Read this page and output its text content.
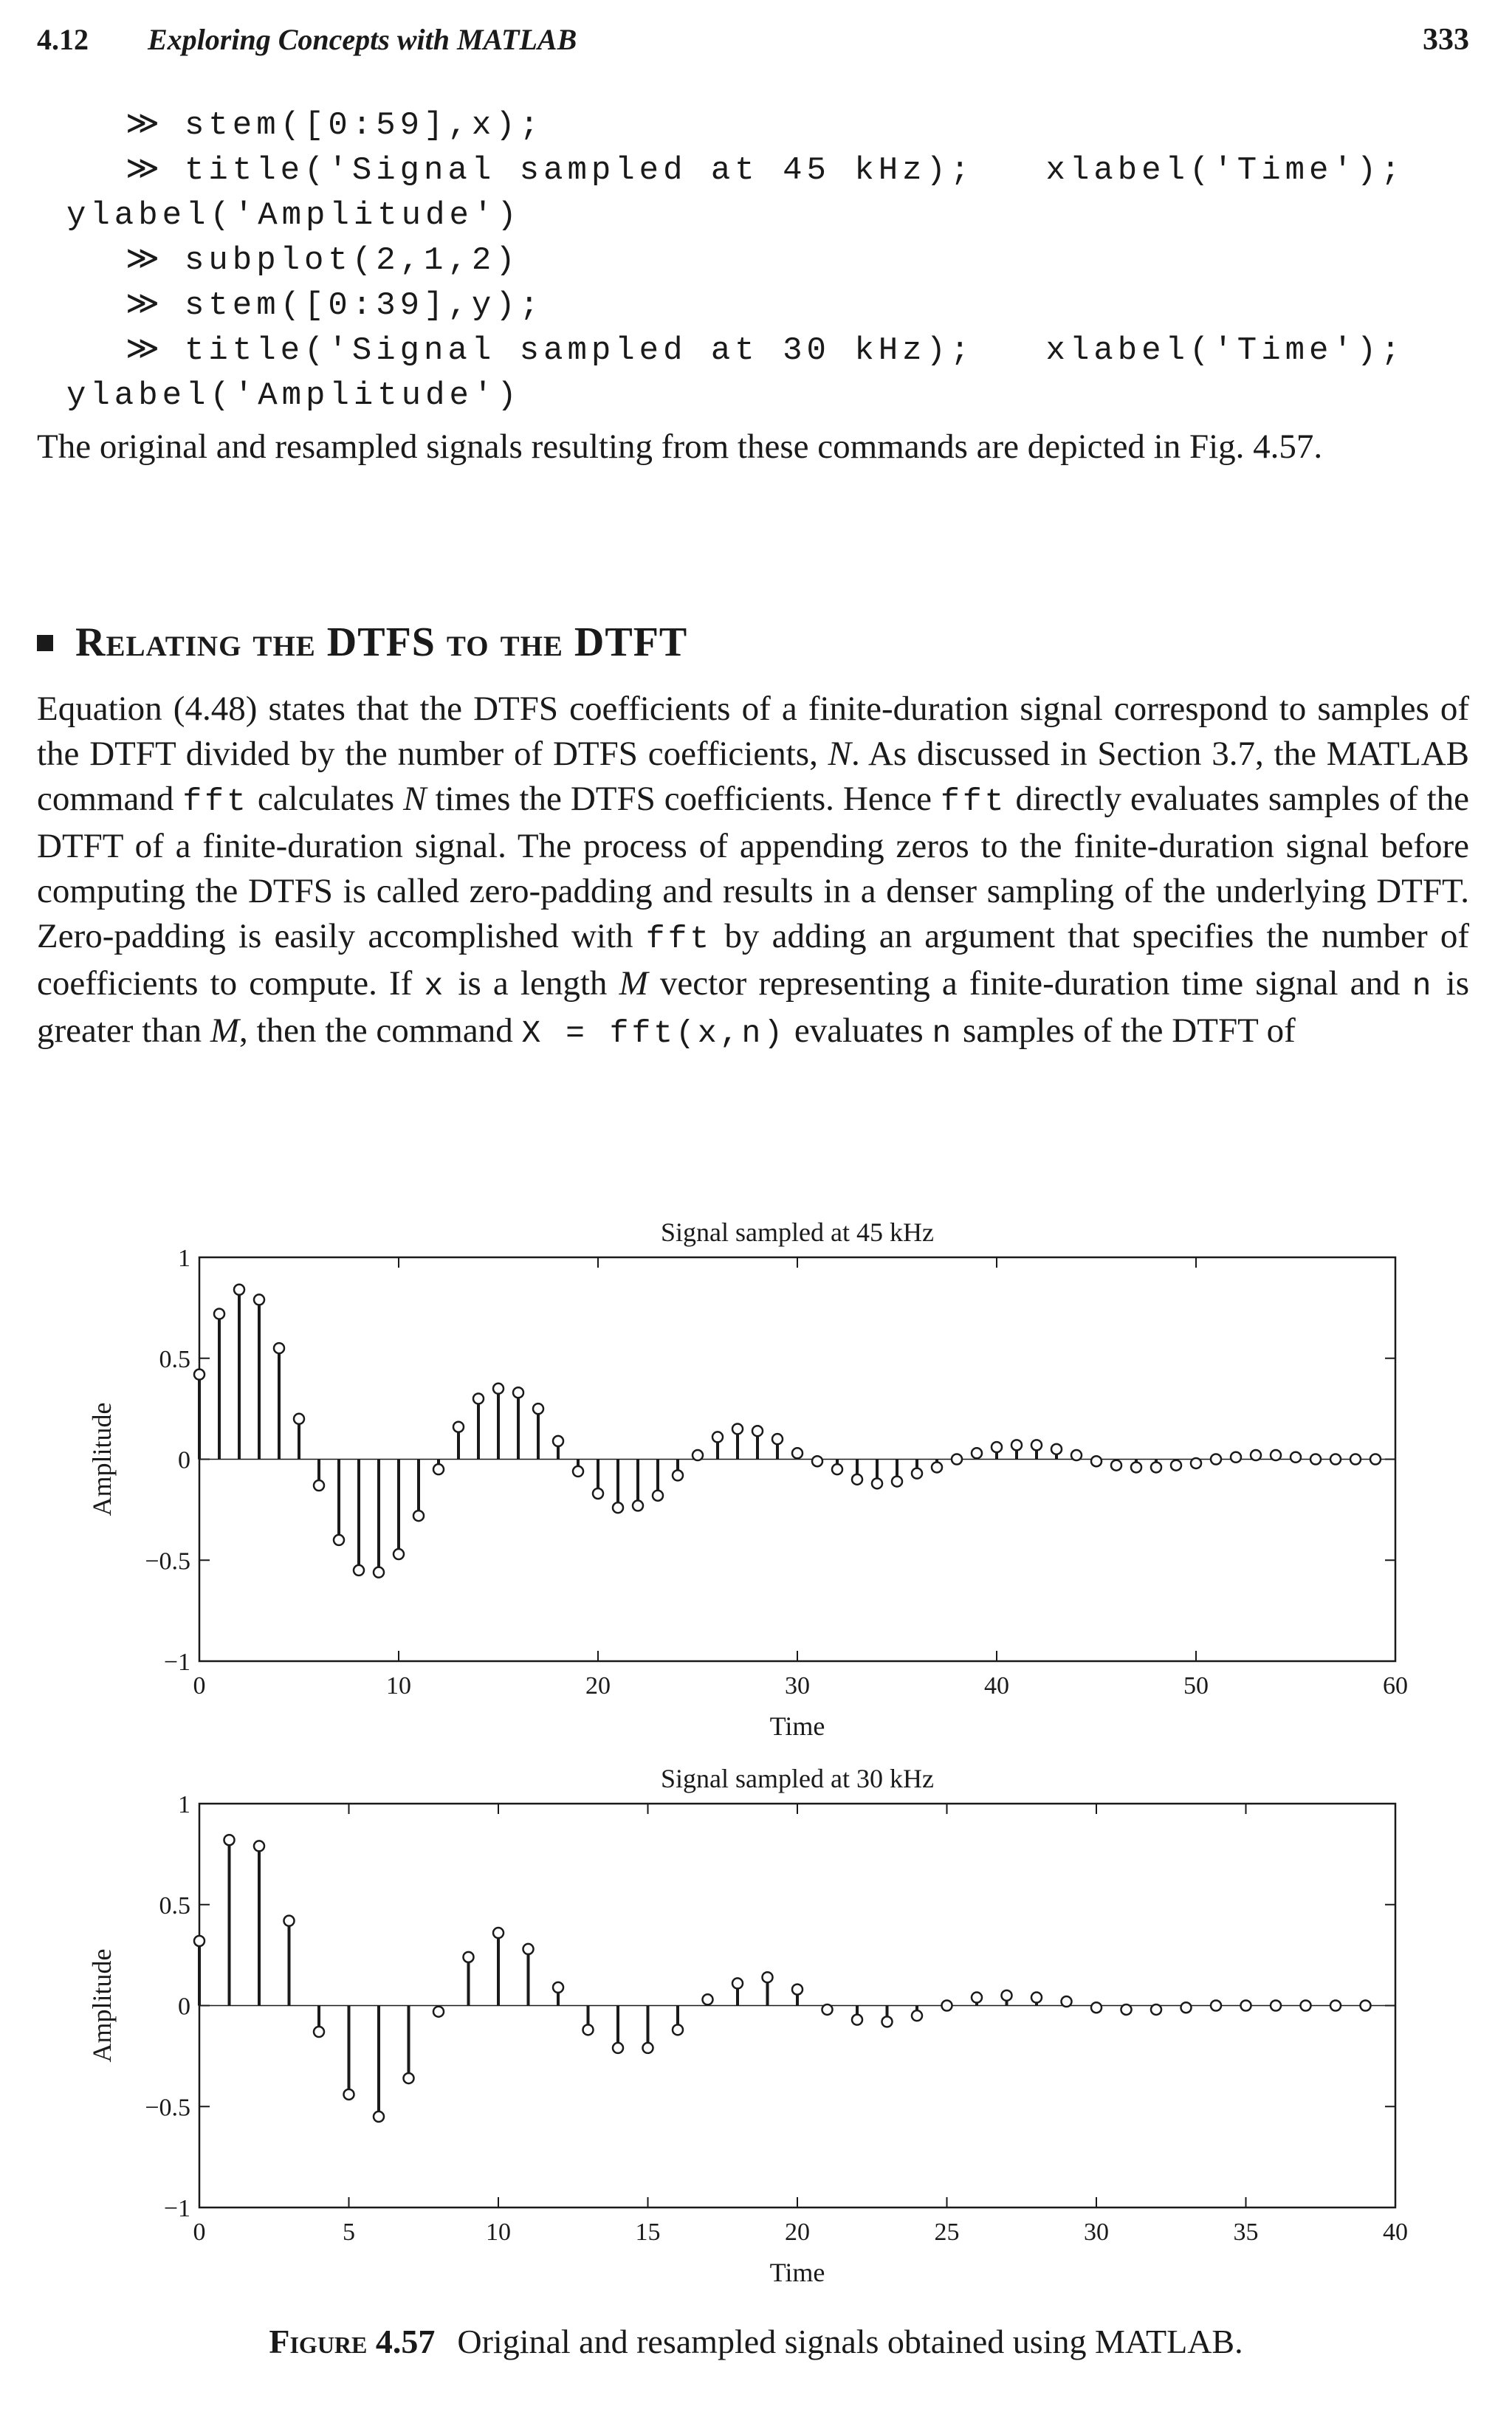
4.12 Exploring Concepts with MATLAB	333
≫ stem([0:59],x);
≫ title('Signal sampled at 45 kHz);   xlabel('Time');
ylabel('Amplitude')
≫ subplot(2,1,2)
≫ stem([0:39],y);
≫ title('Signal sampled at 30 kHz);   xlabel('Time');
ylabel('Amplitude')

The original and resampled signals resulting from these commands are depicted in Fig. 4.57.

Relating the DTFS to the DTFT

Equation (4.48) states that the DTFS coefficients of a finite-duration signal correspond to samples of the DTFT divided by the number of DTFS coefficients, N. As discussed in Section 3.7, the MATLAB command fft calculates N times the DTFS coefficients. Hence fft directly evaluates samples of the DTFT of a finite-duration signal. The process of appending zeros to the finite-duration signal before computing the DTFS is called zero-padding and results in a denser sampling of the underlying DTFT. Zero-padding is easily accomplished with fft by adding an argument that specifies the number of coefficients to compute. If x is a length M vector representing a finite-duration time signal and n is greater than M, then the command X = fft(x,n) evaluates n samples of the DTFT of

1
0.5
0
−0.5
−1
0	10	20	30	40	50	60
Signal sampled at 45 kHz
Time
Amplitude
1
0.5
0
−0.5
−1
0	5	10	15	20	25	30	35	40
Signal sampled at 30 kHz
Time
Amplitude
Figure 4.57 Original and resampled signals obtained using MATLAB.
